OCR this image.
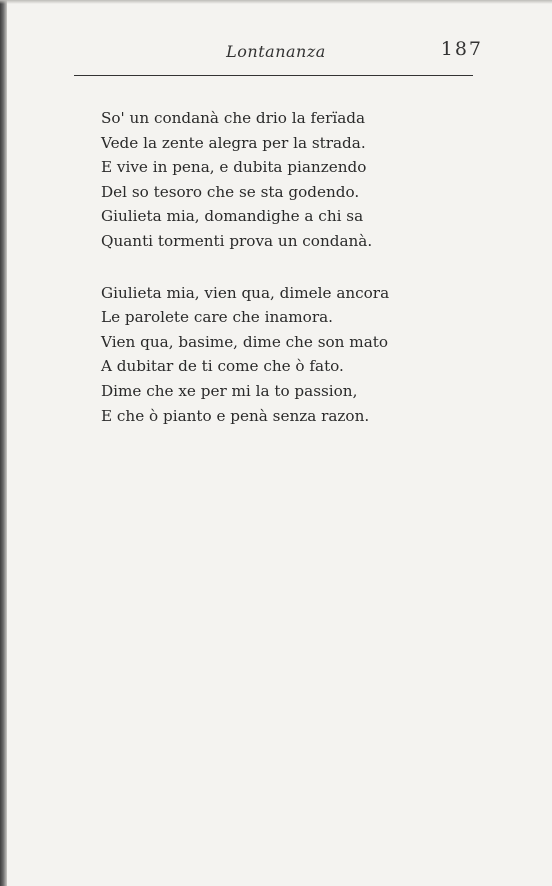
Lontananza	187
So' un condanà che drio la ferïada
Vede la zente alegra per la strada.
E vive in pena, e dubita pianzendo
Del so tesoro che se sta godendo.
Giulieta mia, domandighe a chi sa
Quanti tormenti prova un condanà.
Giulieta mia, vien qua, dimele ancora
Le parolete care che inamora.
Vien qua, basime, dime che son mato
A dubitar de ti come che ò fato.
Dime che xe per mi la to passion,
E che ò pianto e penà senza razon.
